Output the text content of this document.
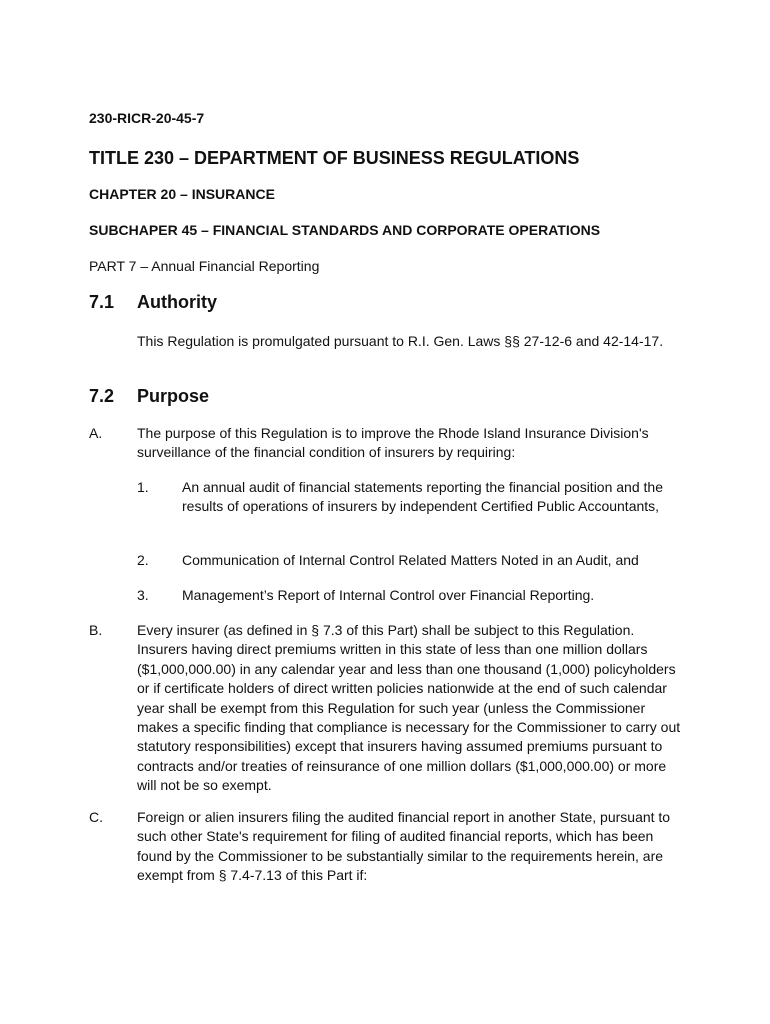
230-RICR-20-45-7
TITLE 230 – DEPARTMENT OF BUSINESS REGULATIONS
CHAPTER 20 – INSURANCE
SUBCHAPER 45 – FINANCIAL STANDARDS AND CORPORATE OPERATIONS
PART 7 – Annual Financial Reporting
7.1 Authority

This Regulation is promulgated pursuant to R.I. Gen. Laws §§ 27-12-6 and 42-14-17.

7.2 Purpose
A. The purpose of this Regulation is to improve the Rhode Island Insurance Division's surveillance of the financial condition of insurers by requiring:

1. An annual audit of financial statements reporting the financial position and the results of operations of insurers by independent Certified Public Accountants,

2. Communication of Internal Control Related Matters Noted in an Audit, and

3. Management’s Report of Internal Control over Financial Reporting.

B. Every insurer (as defined in § 7.3 of this Part) shall be subject to this Regulation. Insurers having direct premiums written in this state of less than one million dollars ($1,000,000.00) in any calendar year and less than one thousand (1,000) policyholders or if certificate holders of direct written policies nationwide at the end of such calendar year shall be exempt from this Regulation for such year (unless the Commissioner makes a specific finding that compliance is necessary for the Commissioner to carry out statutory responsibilities) except that insurers having assumed premiums pursuant to contracts and/or treaties of reinsurance of one million dollars ($1,000,000.00) or more will not be so exempt.

C. Foreign or alien insurers filing the audited financial report in another State, pursuant to such other State's requirement for filing of audited financial reports, which has been found by the Commissioner to be substantially similar to the requirements herein, are exempt from § 7.4-7.13 of this Part if:
